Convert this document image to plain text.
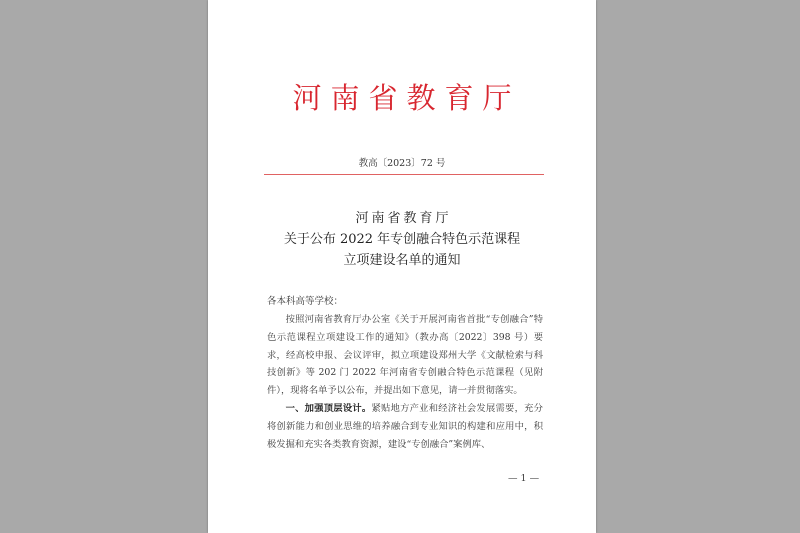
河南省教育厅
教高〔2023〕72 号
河南省教育厅
关于公布 2022 年专创融合特色示范课程
立项建设名单的通知
各本科高等学校：

按照河南省教育厅办公室《关于开展河南省首批“专创融合”特色示范课程立项建设工作的通知》（教办高〔2022〕398 号）要求，经高校申报、会议评审，拟立项建设郑州大学《文献检索与科技创新》等 202 门 2022 年河南省专创融合特色示范课程（见附件），现将名单予以公布，并提出如下意见，请一并贯彻落实。

一、加强顶层设计。紧贴地方产业和经济社会发展需要，充分将创新能力和创业思维的培养融合到专业知识的构建和应用中，积极发掘和充实各类教育资源，建设“专创融合”案例库、

— 1 —
